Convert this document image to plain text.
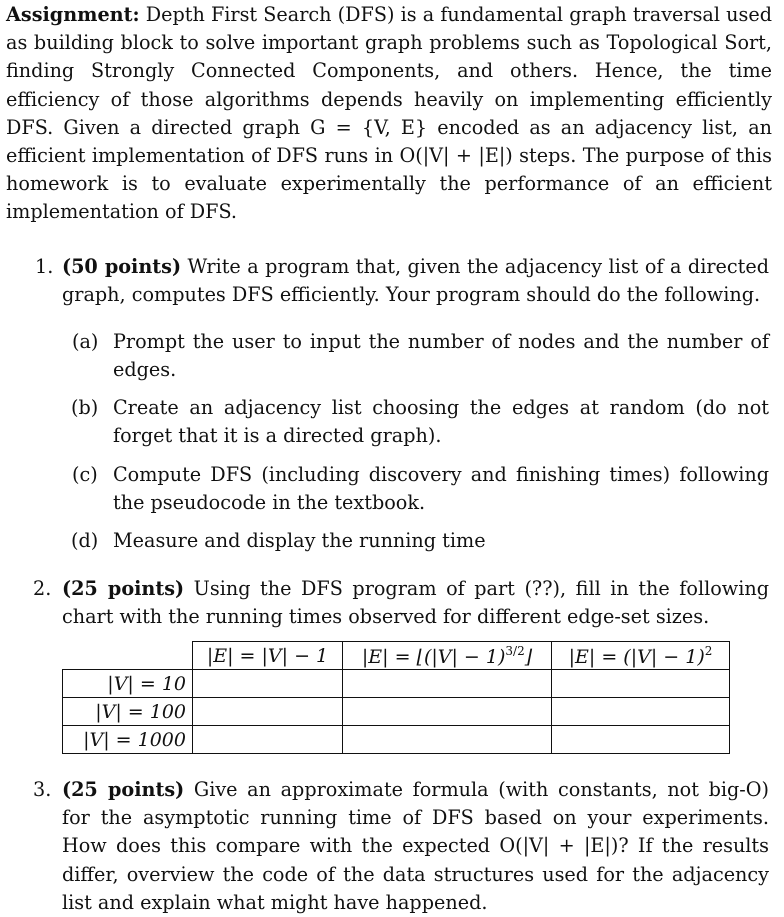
Assignment: Depth First Search (DFS) is a fundamental graph traversal used as building block to solve important graph problems such as Topological Sort, finding Strongly Connected Components, and others. Hence, the time efficiency of those algorithms depends heavily on implementing efficiently DFS. Given a directed graph G = {V, E} encoded as an adjacency list, an efficient implementation of DFS runs in O(|V| + |E|) steps. The purpose of this homework is to evaluate experimentally the performance of an efficient implementation of DFS.

1. (50 points) Write a program that, given the adjacency list of a directed graph, computes DFS efficiently. Your program should do the following.

(a) Prompt the user to input the number of nodes and the number of edges.

(b) Create an adjacency list choosing the edges at random (do not forget that it is a directed graph).

(c) Compute DFS (including discovery and finishing times) following the pseudocode in the textbook.

(d) Measure and display the running time

2. (25 points) Using the DFS program of part (??), fill in the following chart with the running times observed for different edge-set sizes.

	|E| = |V| − 1	|E| = ⌊(|V| − 1)$^{3/2}$⌋	$|E| = (|V| - 1)^2$
|V| = 10			
|V| = 100			
|V| = 1000			
3. (25 points) Give an approximate formula (with constants, not big-O) for the asymptotic running time of DFS based on your experiments. How does this compare with the expected O(|V| + |E|)? If the results differ, overview the code of the data structures used for the adjacency list and explain what might have happened.
